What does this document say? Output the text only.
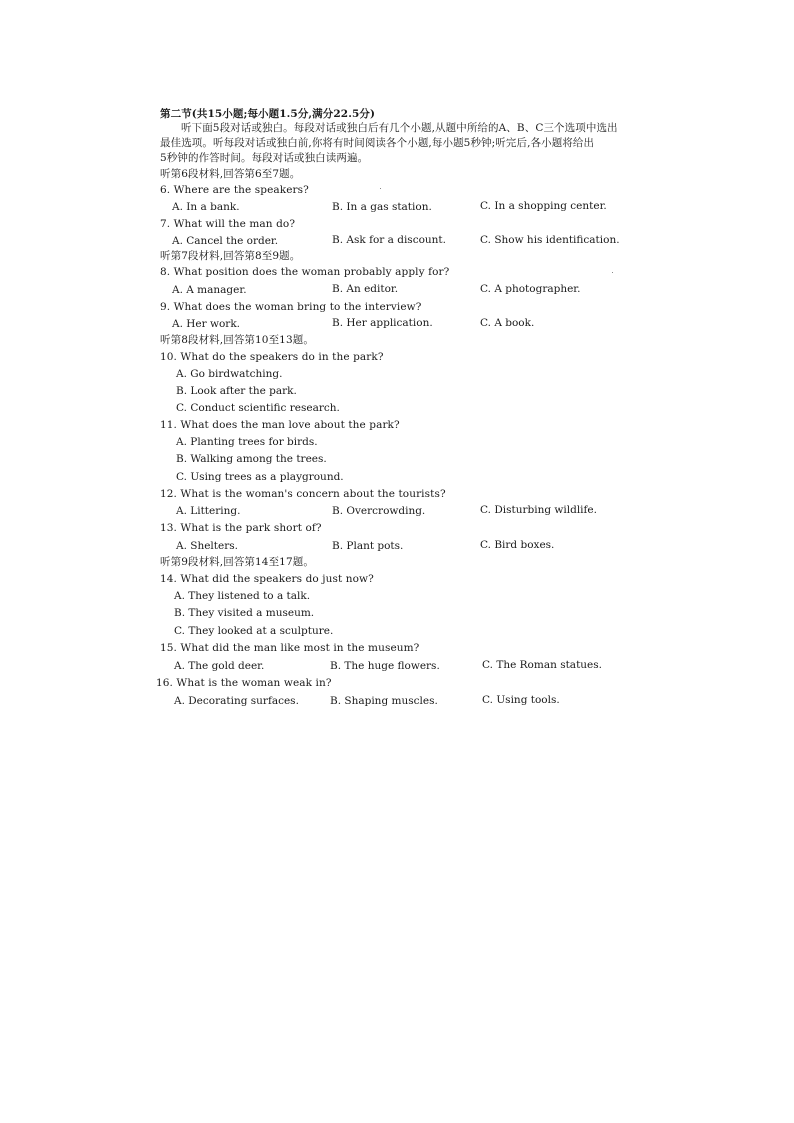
第二节(共15小题;每小题1.5分,满分22.5分)
听下面5段对话或独白。每段对话或独白后有几个小题,从题中所给的A、B、C三个选项中选出
最佳选项。听每段对话或独白前,你将有时间阅读各个小题,每小题5秒钟;听完后,各小题将给出
5秒钟的作答时间。每段对话或独白读两遍。
听第6段材料,回答第6至7题。
6. Where are the speakers?
A. In a bank.	B. In a gas station.	C. In a shopping center.
7. What will the man do?
A. Cancel the order.	B. Ask for a discount.	C. Show his identification.
听第7段材料,回答第8至9题。
8. What position does the woman probably apply for?
A. A manager.	B. An editor.	C. A photographer.
9. What does the woman bring to the interview?
A. Her work.	B. Her application.	C. A book.
听第8段材料,回答第10至13题。
10. What do the speakers do in the park?
A. Go birdwatching.
B. Look after the park.
C. Conduct scientific research.
11. What does the man love about the park?
A. Planting trees for birds.
B. Walking among the trees.
C. Using trees as a playground.
12. What is the woman's concern about the tourists?
A. Littering.	B. Overcrowding.	C. Disturbing wildlife.
13. What is the park short of?
A. Shelters.	B. Plant pots.	C. Bird boxes.
听第9段材料,回答第14至17题。
14. What did the speakers do just now?
A. They listened to a talk.
B. They visited a museum.
C. They looked at a sculpture.
15. What did the man like most in the museum?
A. The gold deer.	B. The huge flowers.	C. The Roman statues.
16. What is the woman weak in?
A. Decorating surfaces.	B. Shaping muscles.	C. Using tools.
